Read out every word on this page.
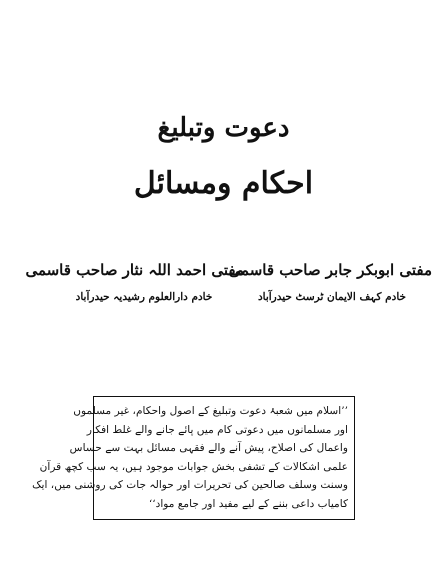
دعوت وتبلیغ
احکام ومسائل
مفتی ابوبکر جابر صاحب قاسمی
خادم کہف الایمان ٹرسٹ حیدرآباد
مفتی احمد اللہ نثار صاحب قاسمی
خادم دارالعلوم رشیدیہ حیدرآباد
’’اسلام میں شعبۂ دعوت وتبلیغ کے اصول واحکام، غیر مسلموں
اور مسلمانوں میں دعوتی کام میں پائے جانے والے غلط افکار
واعمال کی اصلاح، پیش آنے والے فقہی مسائل بہت سے حساس
علمی اشکالات کے تشفی بخش جوابات موجود ہیں، یہ سب کچھ قرآن
وسنت وسلف صالحین کی تحریرات اور حوالہ جات کی روشنی میں، ایک
کامیاب داعی بننے کے لیے مفید اور جامع مواد‘‘
